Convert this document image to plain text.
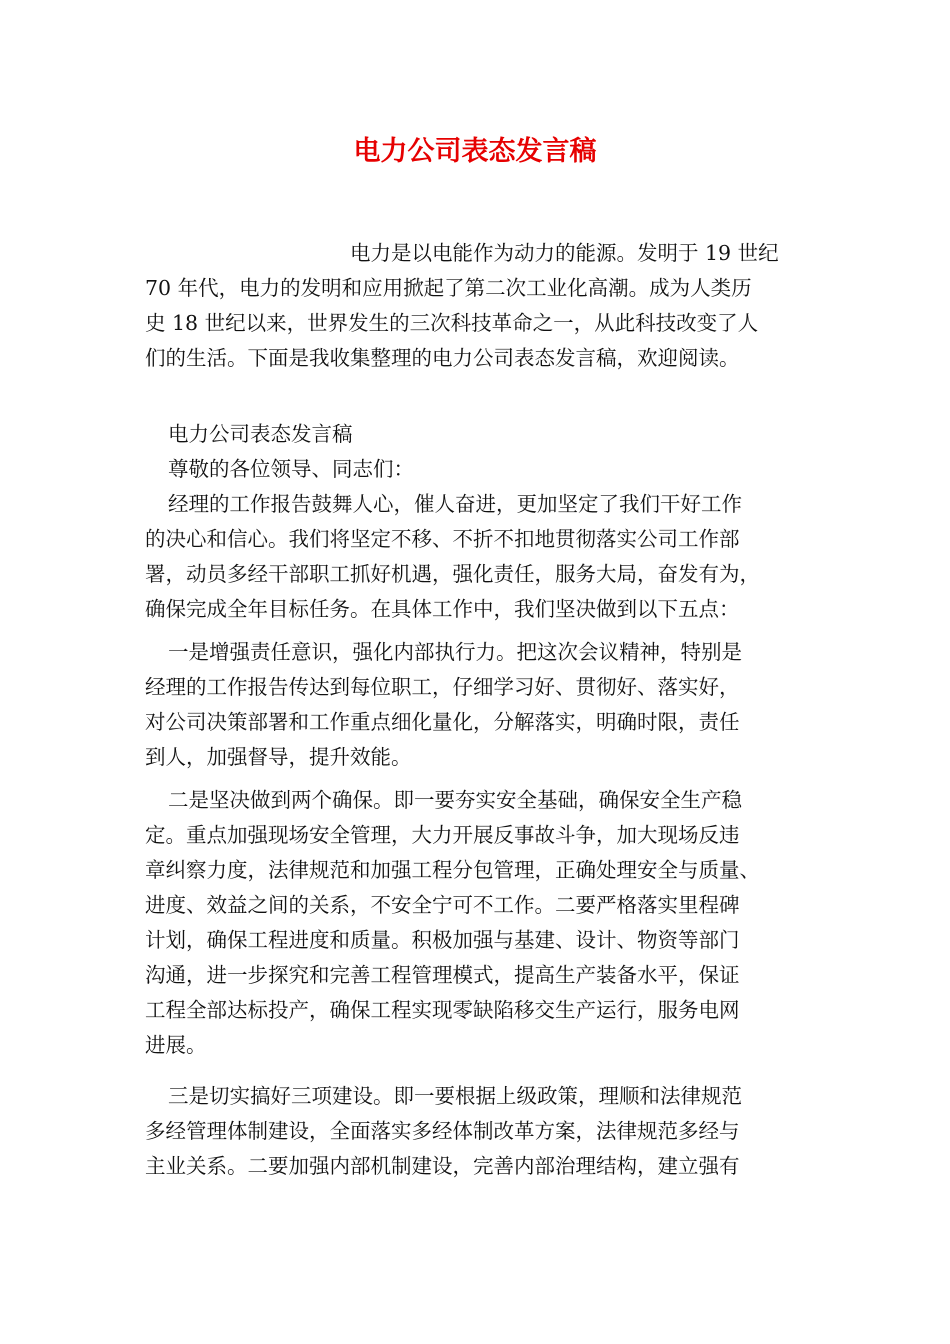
电力公司表态发言稿
电力是以电能作为动力的能源。发明于 19 世纪
70 年代，电力的发明和应用掀起了第二次工业化高潮。成为人类历
史 18 世纪以来，世界发生的三次科技革命之一，从此科技改变了人
们的生活。下面是我收集整理的电力公司表态发言稿，欢迎阅读。
电力公司表态发言稿
尊敬的各位领导、同志们：
经理的工作报告鼓舞人心，催人奋进，更加坚定了我们干好工作
的决心和信心。我们将坚定不移、不折不扣地贯彻落实公司工作部
署，动员多经干部职工抓好机遇，强化责任，服务大局，奋发有为，
确保完成全年目标任务。在具体工作中，我们坚决做到以下五点：
一是增强责任意识，强化内部执行力。把这次会议精神，特别是
经理的工作报告传达到每位职工，仔细学习好、贯彻好、落实好，
对公司决策部署和工作重点细化量化，分解落实，明确时限，责任
到人，加强督导，提升效能。
二是坚决做到两个确保。即一要夯实安全基础，确保安全生产稳
定。重点加强现场安全管理，大力开展反事故斗争，加大现场反违
章纠察力度，法律规范和加强工程分包管理，正确处理安全与质量、
进度、效益之间的关系，不安全宁可不工作。二要严格落实里程碑
计划，确保工程进度和质量。积极加强与基建、设计、物资等部门
沟通，进一步探究和完善工程管理模式，提高生产装备水平，保证
工程全部达标投产，确保工程实现零缺陷移交生产运行，服务电网
进展。
三是切实搞好三项建设。即一要根据上级政策，理顺和法律规范
多经管理体制建设，全面落实多经体制改革方案，法律规范多经与
主业关系。二要加强内部机制建设，完善内部治理结构，建立强有
